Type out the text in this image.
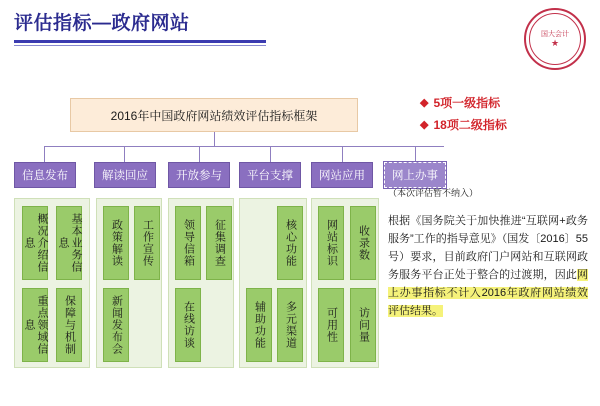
评估指标—政府网站
国大会计
★
2016年中国政府网站绩效评估指标框架
◆ 5项一级指标
◆ 18项二级指标
信息发布	解读回应 开放参与 平台支撑 网站应用 网上办事
（本次评估暂不纳入）
概况介绍信息	基本业务信息
重点领域信息	保障与机制
政策解读	工作宣传
新闻发布会
领导信箱	征集调查
在线访谈
核心功能
辅助功能	多元渠道
网站标识
可用性
收录数
访问量
根据《国务院关于加快推进“互联网+政务服务”工作的指导意见》（国发〔2016〕55号）要求，目前政府门户网站和互联网政务服务平台正处于整合的过渡期，因此网上办事指标不计入2016年政府网站绩效评估结果。
